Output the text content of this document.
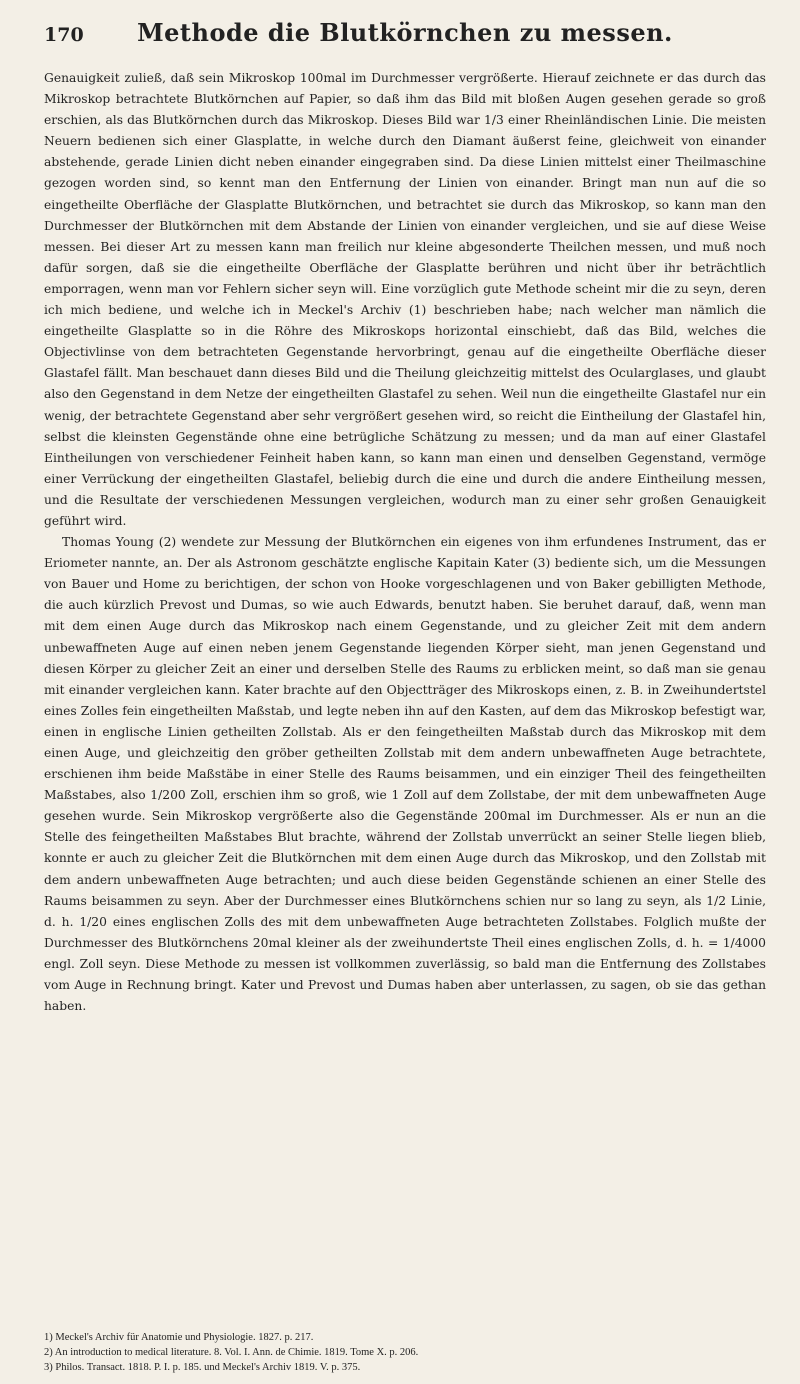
170	Methode die Blutkörnchen zu messen.

Genauigkeit zuließ, daß sein Mikroskop 100mal im Durchmesser vergrößerte. Hierauf zeichnete er das durch das Mikroskop betrachtete Blutkörnchen auf Papier, so daß ihm das Bild mit bloßen Augen gesehen gerade so groß erschien, als das Blutkörnchen durch das Mikroskop. Dieses Bild war 1/3 einer Rheinländischen Linie. Die meisten Neuern bedienen sich einer Glasplatte, in welche durch den Diamant äußerst feine, gleichweit von einander abstehende, gerade Linien dicht neben einander eingegraben sind. Da diese Linien mittelst einer Theilmaschine gezogen worden sind, so kennt man den Entfernung der Linien von einander. Bringt man nun auf die so eingetheilte Oberfläche der Glasplatte Blutkörnchen, und betrachtet sie durch das Mikroskop, so kann man den Durchmesser der Blutkörnchen mit dem Abstande der Linien von einander vergleichen, und sie auf diese Weise messen. Bei dieser Art zu messen kann man freilich nur kleine abgesonderte Theilchen messen, und muß noch dafür sorgen, daß sie die eingetheilte Oberfläche der Glasplatte berühren und nicht über ihr beträchtlich emporragen, wenn man vor Fehlern sicher seyn will. Eine vorzüglich gute Methode scheint mir die zu seyn, deren ich mich bediene, und welche ich in Meckel's Archiv (1) beschrieben habe; nach welcher man nämlich die eingetheilte Glasplatte so in die Röhre des Mikroskops horizontal einschiebt, daß das Bild, welches die Objectivlinse von dem betrachteten Gegenstande hervorbringt, genau auf die eingetheilte Oberfläche dieser Glastafel fällt. Man beschauet dann dieses Bild und die Theilung gleichzeitig mittelst des Ocularglases, und glaubt also den Gegenstand in dem Netze der eingetheilten Glastafel zu sehen. Weil nun die eingetheilte Glastafel nur ein wenig, der betrachtete Gegenstand aber sehr vergrößert gesehen wird, so reicht die Eintheilung der Glastafel hin, selbst die kleinsten Gegenstände ohne eine betrügliche Schätzung zu messen; und da man auf einer Glastafel Eintheilungen von verschiedener Feinheit haben kann, so kann man einen und denselben Gegenstand, vermöge einer Verrückung der eingetheilten Glastafel, beliebig durch die eine und durch die andere Eintheilung messen, und die Resultate der verschiedenen Messungen vergleichen, wodurch man zu einer sehr großen Genauigkeit geführt wird.

Thomas Young (2) wendete zur Messung der Blutkörnchen ein eigenes von ihm erfundenes Instrument, das er Eriometer nannte, an. Der als Astronom geschätzte englische Kapitain Kater (3) bediente sich, um die Messungen von Bauer und Home zu berichtigen, der schon von Hooke vorgeschlagenen und von Baker gebilligten Methode, die auch kürzlich Prevost und Dumas, so wie auch Edwards, benutzt haben. Sie beruhet darauf, daß, wenn man mit dem einen Auge durch das Mikroskop nach einem Gegenstande, und zu gleicher Zeit mit dem andern unbewaffneten Auge auf einen neben jenem Gegenstande liegenden Körper sieht, man jenen Gegenstand und diesen Körper zu gleicher Zeit an einer und derselben Stelle des Raums zu erblicken meint, so daß man sie genau mit einander vergleichen kann. Kater brachte auf den Objectträger des Mikroskops einen, z. B. in Zweihundertstel eines Zolles fein eingetheilten Maßstab, und legte neben ihn auf den Kasten, auf dem das Mikroskop befestigt war, einen in englische Linien getheilten Zollstab. Als er den feingetheilten Maßstab durch das Mikroskop mit dem einen Auge, und gleichzeitig den gröber getheilten Zollstab mit dem andern unbewaffneten Auge betrachtete, erschienen ihm beide Maßstäbe in einer Stelle des Raums beisammen, und ein einziger Theil des feingetheilten Maßstabes, also 1/200 Zoll, erschien ihm so groß, wie 1 Zoll auf dem Zollstabe, der mit dem unbewaffneten Auge gesehen wurde. Sein Mikroskop vergrößerte also die Gegenstände 200mal im Durchmesser. Als er nun an die Stelle des feingetheilten Maßstabes Blut brachte, während der Zollstab unverrückt an seiner Stelle liegen blieb, konnte er auch zu gleicher Zeit die Blutkörnchen mit dem einen Auge durch das Mikroskop, und den Zollstab mit dem andern unbewaffneten Auge betrachten; und auch diese beiden Gegenstände schienen an einer Stelle des Raums beisammen zu seyn. Aber der Durchmesser eines Blutkörnchens schien nur so lang zu seyn, als 1/2 Linie, d. h. 1/20 eines englischen Zolls des mit dem unbewaffneten Auge betrachteten Zollstabes. Folglich mußte der Durchmesser des Blutkörnchens 20mal kleiner als der zweihundertste Theil eines englischen Zolls, d. h. = 1/4000 engl. Zoll seyn. Diese Methode zu messen ist vollkommen zuverlässig, so bald man die Entfernung des Zollstabes vom Auge in Rechnung bringt. Kater und Prevost und Dumas haben aber unterlassen, zu sagen, ob sie das gethan haben.

1) Meckel's Archiv für Anatomie und Physiologie. 1827. p. 217.

2) An introduction to medical literature. 8. Vol. I. Ann. de Chimie. 1819. Tome X. p. 206.

3) Philos. Transact. 1818. P. I. p. 185. und Meckel's Archiv 1819. V. p. 375.
